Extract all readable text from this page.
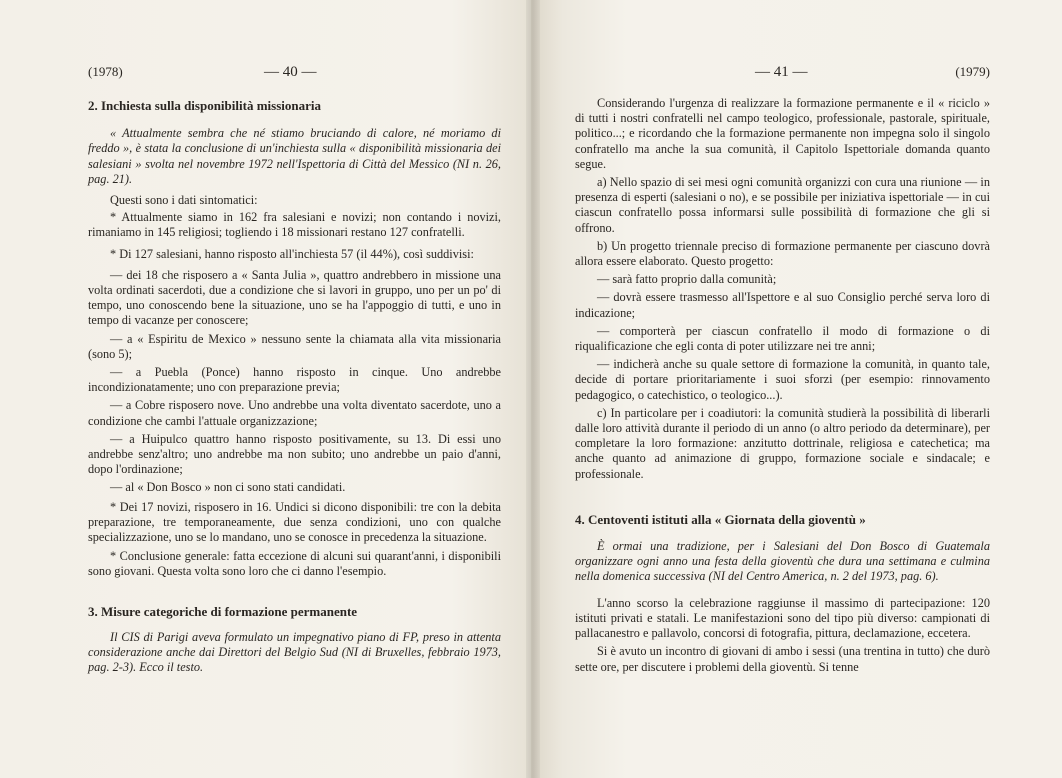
(1978)	— 40 —

2. Inchiesta sulla disponibilità missionaria

« Attualmente sembra che né stiamo bruciando di calore, né moriamo di freddo », è stata la conclusione di un'inchiesta sulla « disponibilità missionaria dei salesiani » svolta nel novembre 1972 nell'Ispettoria di Città del Messico (NI n. 26, pag. 21).

Questi sono i dati sintomatici:

* Attualmente siamo in 162 fra salesiani e novizi; non contando i novizi, rimaniamo in 145 religiosi; togliendo i 18 missionari restano 127 confratelli.

* Di 127 salesiani, hanno risposto all'inchiesta 57 (il 44%), così suddivisi:

— dei 18 che risposero a « Santa Julia », quattro andrebbero in missione una volta ordinati sacerdoti, due a condizione che si lavori in gruppo, uno per un po' di tempo, uno conoscendo bene la situazione, uno se ha l'appoggio di tutti, e uno in tempo di vacanze per conoscere;

— a « Espiritu de Mexico » nessuno sente la chiamata alla vita missionaria (sono 5);

— a Puebla (Ponce) hanno risposto in cinque. Uno andrebbe incondizionatamente; uno con preparazione previa;

— a Cobre risposero nove. Uno andrebbe una volta diventato sacerdote, uno a condizione che cambi l'attuale organizzazione;

— a Huipulco quattro hanno risposto positivamente, su 13. Di essi uno andrebbe senz'altro; uno andrebbe ma non subito; uno andrebbe un paio d'anni, dopo l'ordinazione;

— al « Don Bosco » non ci sono stati candidati.

* Dei 17 novizi, risposero in 16. Undici si dicono disponibili: tre con la debita preparazione, tre temporaneamente, due senza condizioni, uno con qualche specializzazione, uno se lo mandano, uno se conosce in precedenza la situazione.

* Conclusione generale: fatta eccezione di alcuni sui quarant'anni, i disponibili sono giovani. Questa volta sono loro che ci danno l'esempio.

3. Misure categoriche di formazione permanente

Il CIS di Parigi aveva formulato un impegnativo piano di FP, preso in attenta considerazione anche dai Direttori del Belgio Sud (NI di Bruxelles, febbraio 1973, pag. 2-3). Ecco il testo.

— 41 —	(1979)

Considerando l'urgenza di realizzare la formazione permanente e il « riciclo » di tutti i nostri confratelli nel campo teologico, professionale, pastorale, spirituale, politico...; e ricordando che la formazione permanente non impegna solo il singolo confratello ma anche la sua comunità, il Capitolo Ispettoriale domanda quanto segue.

a) Nello spazio di sei mesi ogni comunità organizzi con cura una riunione — in presenza di esperti (salesiani o no), e se possibile per iniziativa ispettoriale — in cui ciascun confratello possa informarsi sulle possibilità di formazione che gli si offrono.

b) Un progetto triennale preciso di formazione permanente per ciascuno dovrà allora essere elaborato. Questo progetto:

— sarà fatto proprio dalla comunità;

— dovrà essere trasmesso all'Ispettore e al suo Consiglio perché serva loro di indicazione;

— comporterà per ciascun confratello il modo di formazione o di riqualificazione che egli conta di poter utilizzare nei tre anni;

— indicherà anche su quale settore di formazione la comunità, in quanto tale, decide di portare prioritariamente i suoi sforzi (per esempio: rinnovamento pedagogico, o catechistico, o teologico...).

c) In particolare per i coadiutori: la comunità studierà la possibilità di liberarli dalle loro attività durante il periodo di un anno (o altro periodo da determinare), per completare la loro formazione: anzitutto dottrinale, religiosa e catechetica; ma anche quanto ad animazione di gruppo, formazione sociale e sindacale; e professionale.

4. Centoventi istituti alla « Giornata della gioventù »

È ormai una tradizione, per i Salesiani del Don Bosco di Guatemala organizzare ogni anno una festa della gioventù che dura una settimana e culmina nella domenica successiva (NI del Centro America, n. 2 del 1973, pag. 6).

L'anno scorso la celebrazione raggiunse il massimo di partecipazione: 120 istituti privati e statali. Le manifestazioni sono del tipo più diverso: campionati di pallacanestro e pallavolo, concorsi di fotografia, pittura, declamazione, eccetera.

Si è avuto un incontro di giovani di ambo i sessi (una trentina in tutto) che durò sette ore, per discutere i problemi della gioventù. Si tenne
